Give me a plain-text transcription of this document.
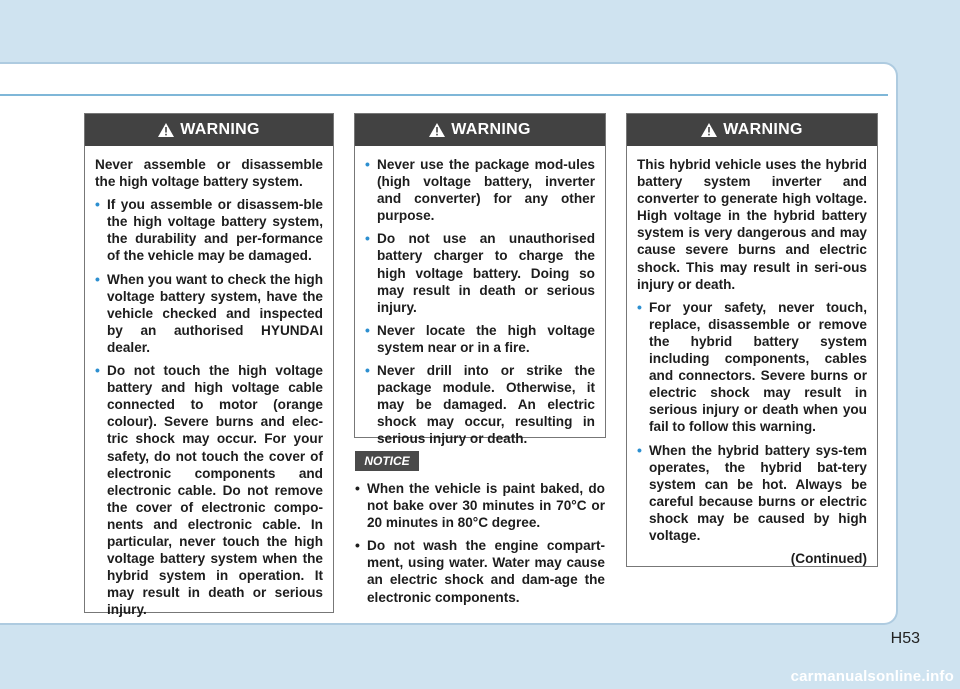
WARNING

Never assemble or disassemble the high voltage battery system.

• If you assemble or disassem-ble the high voltage battery system, the durability and per-formance of the vehicle may be damaged.
• When you want to check the high voltage battery system, have the vehicle checked and inspected by an authorised HYUNDAI dealer.
• Do not touch the high voltage battery and high voltage cable connected to motor (orange colour). Severe burns and elec-tric shock may occur. For your safety, do not touch the cover of electronic components and electronic cable. Do not remove the cover of electronic compo-nents and electronic cable. In particular, never touch the high voltage battery system when the hybrid system in operation. It may result in death or serious injury.
WARNING
• Never use the package mod-ules (high voltage battery, inverter and converter) for any other purpose.
• Do not use an unauthorised battery charger to charge the high voltage battery. Doing so may result in death or serious injury.
• Never locate the high voltage system near or in a fire.
• Never drill into or strike the package module. Otherwise, it may be damaged. An electric shock may occur, resulting in serious injury or death.
NOTICE
• When the vehicle is paint baked, do not bake over 30 minutes in 70°C or 20 minutes in 80°C degree.
• Do not wash the engine compart-ment, using water. Water may cause an electric shock and dam-age the electronic components.
WARNING

This hybrid vehicle uses the hybrid battery system inverter and converter to generate high voltage. High voltage in the hybrid battery system is very dangerous and may cause severe burns and electric shock. This may result in seri-ous injury or death.

• For your safety, never touch, replace, disassemble or remove the hybrid battery system including components, cables and connectors. Severe burns or electric shock may result in serious injury or death when you fail to follow this warning.
• When the hybrid battery sys-tem operates, the hybrid bat-tery system can be hot. Always be careful because burns or electric shock may be caused by high voltage.
(Continued)
H53
carmanualsonline.info
